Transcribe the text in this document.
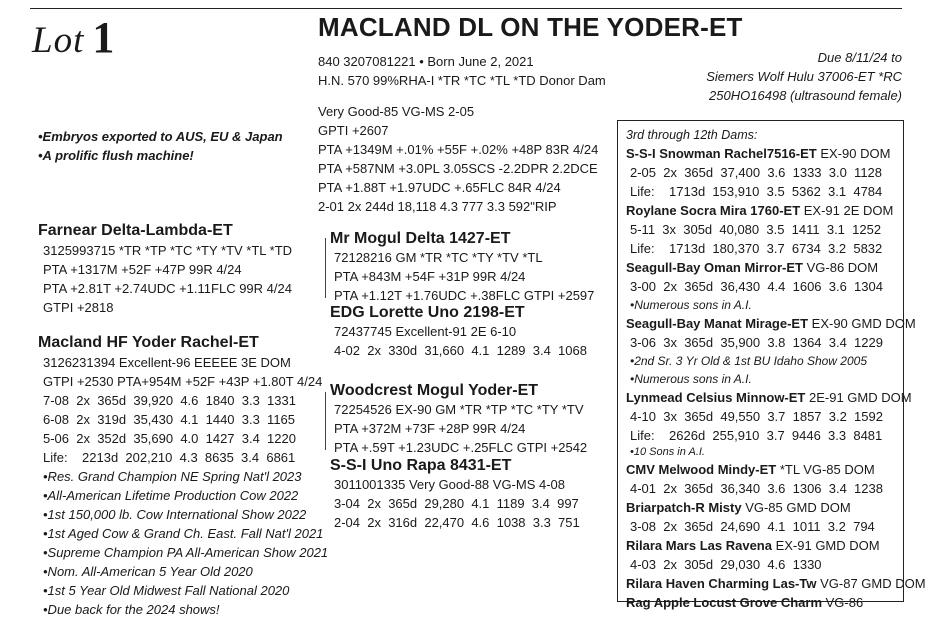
Lot 1	MACLAND DL ON THE YODER-ET
840 3207081221 • Born June 2, 2021
H.N. 570 99%RHA-I *TR *TC *TL *TD Donor Dam
Due 8/11/24 to
Siemers Wolf Hulu 37006-ET *RC
250HO16498 (ultrasound female)
Very Good-85 VG-MS 2-05
GPTI +2607
PTA +1349M +.01% +55F +.02% +48P 83R 4/24
PTA +587NM +3.0PL 3.05SCS -2.2DPR 2.2DCE
PTA +1.88T +1.97UDC +.65FLC 84R 4/24
2-01 2x 244d 18,118 4.3 777 3.3 592"RIP
•Embryos exported to AUS, EU & Japan
•A prolific flush machine!
Farnear Delta-Lambda-ET
3125993715 *TR *TP *TC *TY *TV *TL *TD
PTA +1317M +52F +47P 99R 4/24
PTA +2.81T +2.74UDC +1.11FLC 99R 4/24
GTPI +2818
Macland HF Yoder Rachel-ET
3126231394 Excellent-96 EEEEE 3E DOM
GTPI +2530 PTA+954M +52F +43P +1.80T 4/24
7-08  2x  365d  39,920  4.6  1840  3.3  1331
6-08  2x  319d  35,430  4.1  1440  3.3  1165
5-06  2x  352d  35,690  4.0  1427  3.4  1220
Life:    2213d  202,210  4.3  8635  3.4  6861
•Res. Grand Champion NE Spring Nat'l 2023
•All-American Lifetime Production Cow 2022
•1st 150,000 lb. Cow International Show 2022
•1st Aged Cow & Grand Ch. East. Fall Nat'l 2021
•Supreme Champion PA All-American Show 2021
•Nom. All-American 5 Year Old 2020
•1st 5 Year Old Midwest Fall National 2020
•Due back for the 2024 shows!
Mr Mogul Delta 1427-ET
72128216 GM *TR *TC *TY *TV *TL
PTA +843M +54F +31P 99R 4/24
PTA +1.12T +1.76UDC +.38FLC GTPI +2597
EDG Lorette Uno 2198-ET
72437745 Excellent-91 2E 6-10
4-02  2x  330d  31,660  4.1  1289  3.4  1068
Woodcrest Mogul Yoder-ET
72254526 EX-90 GM *TR *TP *TC *TY *TV
PTA +372M +73F +28P 99R 4/24
PTA +.59T +1.23UDC +.25FLC GTPI +2542
S-S-I Uno Rapa 8431-ET
3011001335 Very Good-88 VG-MS 4-08
3-04  2x  365d  29,280  4.1  1189  3.4  997
2-04  2x  316d  22,470  4.6  1038  3.3  751
3rd through 12th Dams:
S-S-I Snowman Rachel7516-ET EX-90 DOM
2-05  2x  365d  37,400  3.6  1333  3.0  1128
Life:    1713d  153,910  3.5  5362  3.1  4784
Roylane Socra Mira 1760-ET EX-91 2E DOM
5-11  3x  305d  40,080  3.5  1411  3.1  1252
Life:    1713d  180,370  3.7  6734  3.2  5832
Seagull-Bay Oman Mirror-ET VG-86 DOM
3-00  2x  365d  36,430  4.4  1606  3.6  1304
•Numerous sons in A.I.
Seagull-Bay Manat Mirage-ET EX-90 GMD DOM
3-06  3x  365d  35,900  3.8  1364  3.4  1229
•2nd Sr. 3 Yr Old & 1st BU Idaho Show 2005
•Numerous sons in A.I.
Lynmead Celsius Minnow-ET 2E-91 GMD DOM
4-10  3x  365d  49,550  3.7  1857  3.2  1592
Life:    2626d  255,910  3.7  9446  3.3  8481
•10 Sons in A.I.
CMV Melwood Mindy-ET *TL VG-85 DOM
4-01  2x  365d  36,340  3.6  1306  3.4  1238
Briarpatch-R Misty VG-85 GMD DOM
3-08  2x  365d  24,690  4.1  1011  3.2  794
Rilara Mars Las Ravena EX-91 GMD DOM
4-03  2x  305d  29,030  4.6  1330
Rilara Haven Charming Las-Tw VG-87 GMD DOM
Rag Apple Locust Grove Charm VG-86
